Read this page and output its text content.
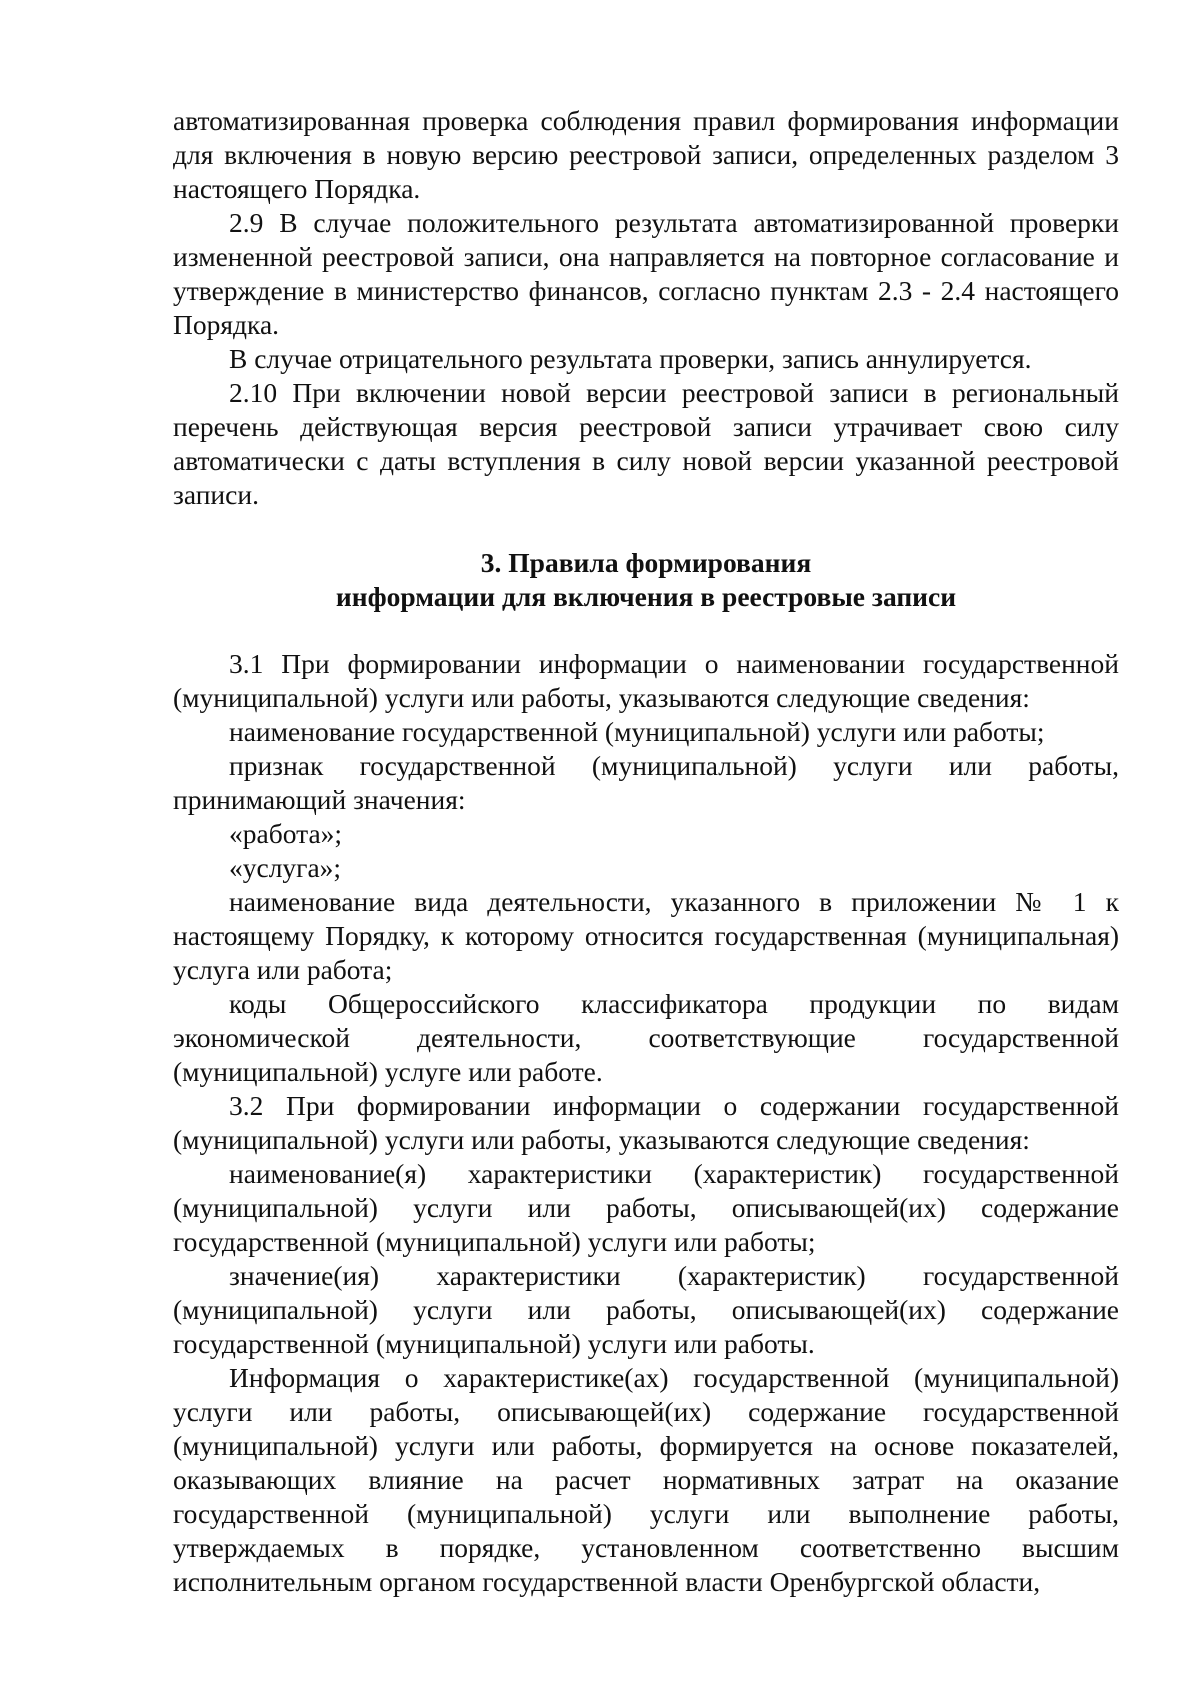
автоматизированная проверка соблюдения правил формирования информации для включения в новую версию реестровой записи, определенных разделом 3 настоящего Порядка.

2.9 В случае положительного результата автоматизированной проверки измененной реестровой записи, она направляется на повторное согласование и утверждение в министерство финансов, согласно пунктам 2.3 - 2.4 настоящего Порядка.

В случае отрицательного результата проверки, запись аннулируется.

2.10 При включении новой версии реестровой записи в региональный перечень действующая версия реестровой записи утрачивает свою силу автоматически с даты вступления в силу новой версии указанной реестровой записи.

3. Правила формирования

информации для включения в реестровые записи

3.1 При формировании информации о наименовании государственной (муниципальной) услуги или работы, указываются следующие сведения:

наименование государственной (муниципальной) услуги или работы;

признак государственной (муниципальной) услуги или работы, принимающий значения:

«работа»;

«услуга»;

наименование вида деятельности, указанного в приложении № 1 к настоящему Порядку, к которому относится государственная (муниципальная) услуга или работа;

коды Общероссийского классификатора продукции по видам экономической деятельности, соответствующие государственной (муниципальной) услуге или работе.

3.2 При формировании информации о содержании государственной (муниципальной) услуги или работы, указываются следующие сведения:

наименование(я) характеристики (характеристик) государственной (муниципальной) услуги или работы, описывающей(их) содержание государственной (муниципальной) услуги или работы;

значение(ия) характеристики (характеристик) государственной (муниципальной) услуги или работы, описывающей(их) содержание государственной (муниципальной) услуги или работы.

Информация о характеристике(ах) государственной (муниципальной) услуги или работы, описывающей(их) содержание государственной (муниципальной) услуги или работы, формируется на основе показателей, оказывающих влияние на расчет нормативных затрат на оказание государственной (муниципальной) услуги или выполнение работы, утверждаемых в порядке, установленном соответственно высшим исполнительным органом государственной власти Оренбургской области,
